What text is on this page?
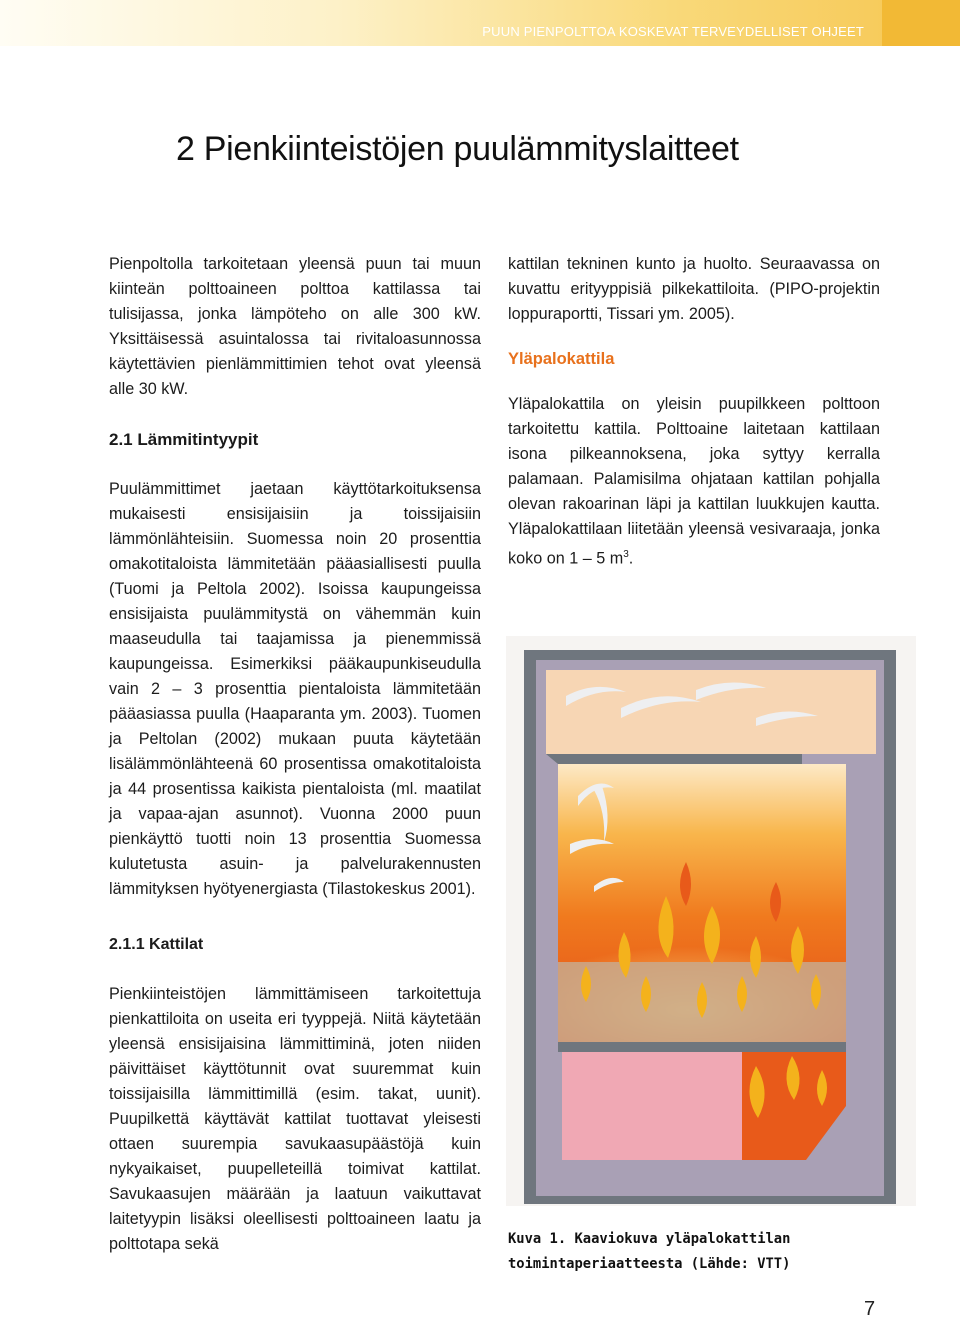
PUUN PIENPOLTTOA KOSKEVAT TERVEYDELLISET OHJEET
2 Pienkiinteistöjen puulämmityslaitteet

Pienpoltolla tarkoitetaan yleensä puun tai muun kiinteän polttoaineen polttoa kattilassa tai tulisijassa, jonka lämpöteho on alle 300 kW. Yksittäisessä asuintalossa tai rivitaloasunnossa käytettävien pienlämmittimien tehot ovat yleensä alle 30 kW.

2.1 Lämmitintyypit

Puulämmittimet jaetaan käyttötarkoituksensa mukaisesti ensisijaisiin ja toissijaisiin lämmönlähteisiin. Suomessa noin 20 prosenttia omakotitaloista lämmitetään pääasiallisesti puulla (Tuomi ja Peltola 2002). Isoissa kaupungeissa ensisijaista puulämmitystä on vähemmän kuin maaseudulla tai taajamissa ja pienemmissä kaupungeissa. Esimerkiksi pääkaupunkiseudulla vain 2 – 3 prosenttia pientaloista lämmitetään pääasiassa puulla (Haaparanta ym. 2003). Tuomen ja Peltolan (2002) mukaan puuta käytetään lisälämmönlähteenä 60 prosentissa omakotitaloista ja 44 prosentissa kaikista pientaloista (ml. maatilat ja vapaa-ajan asunnot). Vuonna 2000 puun pienkäyttö tuotti noin 13 prosenttia Suomessa kulutetusta asuin- ja palvelurakennusten lämmityksen hyötyenergiasta (Tilastokeskus 2001).

2.1.1 Kattilat

Pienkiinteistöjen lämmittämiseen tarkoitettuja pienkattiloita on useita eri tyyppejä. Niitä käytetään yleensä ensisijaisina lämmittiminä, joten niiden päivittäiset käyttötunnit ovat suuremmat kuin toissijaisilla lämmittimillä (esim. takat, uunit). Puupilkettä käyttävät kattilat tuottavat yleisesti ottaen suurempia savukaasupäästöjä kuin nykyaikaiset, puupelleteillä toimivat kattilat. Savukaasujen määrään ja laatuun vaikuttavat laitetyypin lisäksi oleellisesti polttoaineen laatu ja polttotapa sekä

kattilan tekninen kunto ja huolto. Seuraavassa on kuvattu erityyppisiä pilkekattiloita. (PIPO-projektin loppuraportti, Tissari ym. 2005).

Yläpalokattila

Yläpalokattila on yleisin puupilkkeen polttoon tarkoitettu kattila. Polttoaine laitetaan kattilaan isona pilkeannoksena, joka syttyy kerralla palamaan. Palamisilma ohjataan kattilan pohjalla olevan rakoarinan läpi ja kattilan luukkujen kautta. Yläpalokattilaan liitetään yleensä vesivaraaja, jonka koko on 1 – 5 $m^3$.

Kuva 1. Kaaviokuva yläpalokattilan toimintaperiaatteesta (Lähde: VTT)
7
